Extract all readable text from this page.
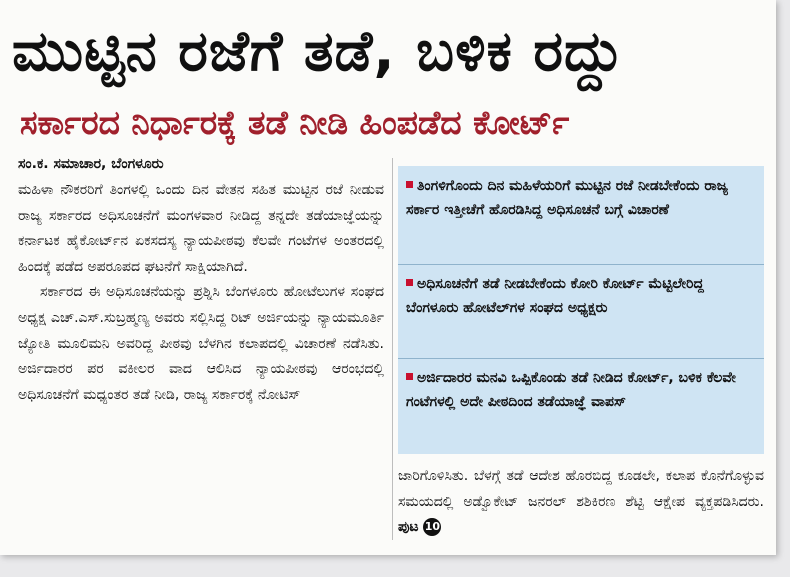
ಮುಟ್ಟಿನ ರಜೆಗೆ ತಡೆ, ಬಳಿಕ ರದ್ದು
ಸರ್ಕಾರದ ನಿರ್ಧಾರಕ್ಕೆ ತಡೆ ನೀಡಿ ಹಿಂಪಡೆದ ಕೋರ್ಟ್
ಸಂ.ಕ. ಸಮಾಚಾರ, ಬೆಂಗಳೂರು

ಮಹಿಳಾ ನೌಕರರಿಗೆ ತಿಂಗಳಲ್ಲಿ ಒಂದು ದಿನ ವೇತನ ಸಹಿತ ಮುಟ್ಟಿನ ರಜೆ ನೀಡುವ ರಾಜ್ಯ ಸರ್ಕಾರದ ಅಧಿಸೂಚನೆಗೆ ಮಂಗಳವಾರ ನೀಡಿದ್ದ ತನ್ನದೇ ತಡೆಯಾಜ್ಞೆಯನ್ನು ಕರ್ನಾಟಕ ಹೈಕೋರ್ಟ್‌ನ ಏಕಸದಸ್ಯ ನ್ಯಾಯಪೀಠವು ಕೆಲವೇ ಗಂಟೆಗಳ ಅಂತರದಲ್ಲಿ ಹಿಂದಕ್ಕೆ ಪಡೆದ ಅಪರೂಪದ ಘಟನೆಗೆ ಸಾಕ್ಷಿಯಾಗಿದೆ.

ಸರ್ಕಾರದ ಈ ಅಧಿಸೂಚನೆಯನ್ನು ಪ್ರಶ್ನಿಸಿ ಬೆಂಗಳೂರು ಹೋಟೆಲುಗಳ ಸಂಘದ ಅಧ್ಯಕ್ಷ ಎಚ್.ಎಸ್.ಸುಬ್ರಹ್ಮಣ್ಯ ಅವರು ಸಲ್ಲಿಸಿದ್ದ ರಿಟ್ ಅರ್ಜಿಯನ್ನು ನ್ಯಾಯಮೂರ್ತಿ ಜ್ಯೋತಿ ಮೂಲಿಮನಿ ಅವರಿದ್ದ ಪೀಠವು ಬೆಳಗಿನ ಕಲಾಪದಲ್ಲಿ ವಿಚಾರಣೆ ನಡೆಸಿತು. ಅರ್ಜಿದಾರರ ಪರ ವಕೀಲರ ವಾದ ಆಲಿಸಿದ ನ್ಯಾಯಪೀಠವು ಆರಂಭದಲ್ಲಿ ಅಧಿಸೂಚನೆಗೆ ಮಧ್ಯಂತರ ತಡೆ ನೀಡಿ, ರಾಜ್ಯ ಸರ್ಕಾರಕ್ಕೆ ನೋಟಿಸ್

ತಿಂಗಳಿಗೊಂದು ದಿನ ಮಹಿಳೆಯರಿಗೆ ಮುಟ್ಟಿನ ರಜೆ ನೀಡಬೇಕೆಂದು ರಾಜ್ಯ ಸರ್ಕಾರ ಇತ್ತೀಚೆಗೆ ಹೊರಡಿಸಿದ್ದ ಅಧಿಸೂಚನೆ ಬಗ್ಗೆ ವಿಚಾರಣೆ
ಅಧಿಸೂಚನೆಗೆ ತಡೆ ನೀಡಬೇಕೆಂದು ಕೋರಿ ಕೋರ್ಟ್ ಮೆಟ್ಟಿಲೇರಿದ್ದ ಬೆಂಗಳೂರು ಹೋಟೆಲ್‌ಗಳ ಸಂಘದ ಅಧ್ಯಕ್ಷರು
ಅರ್ಜಿದಾರರ ಮನವಿ ಒಪ್ಪಿಕೊಂಡು ತಡೆ ನೀಡಿದ ಕೋರ್ಟ್, ಬಳಿಕ ಕೆಲವೇ ಗಂಟೆಗಳಲ್ಲಿ ಅದೇ ಪೀಠದಿಂದ ತಡೆಯಾಜ್ಞೆ ವಾಪಸ್

ಜಾರಿಗೊಳಿಸಿತು. ಬೆಳಗ್ಗೆ ತಡೆ ಆದೇಶ ಹೊರಬಿದ್ದ ಕೂಡಲೇ, ಕಲಾಪ ಕೊನೆಗೊಳ್ಳುವ ಸಮಯದಲ್ಲಿ ಅಡ್ವೊಕೇಟ್ ಜನರಲ್ ಶಶಿಕಿರಣ ಶೆಟ್ಟಿ ಆಕ್ಷೇಪ ವ್ಯಕ್ತಪಡಿಸಿದರು. ಪುಟ 10
